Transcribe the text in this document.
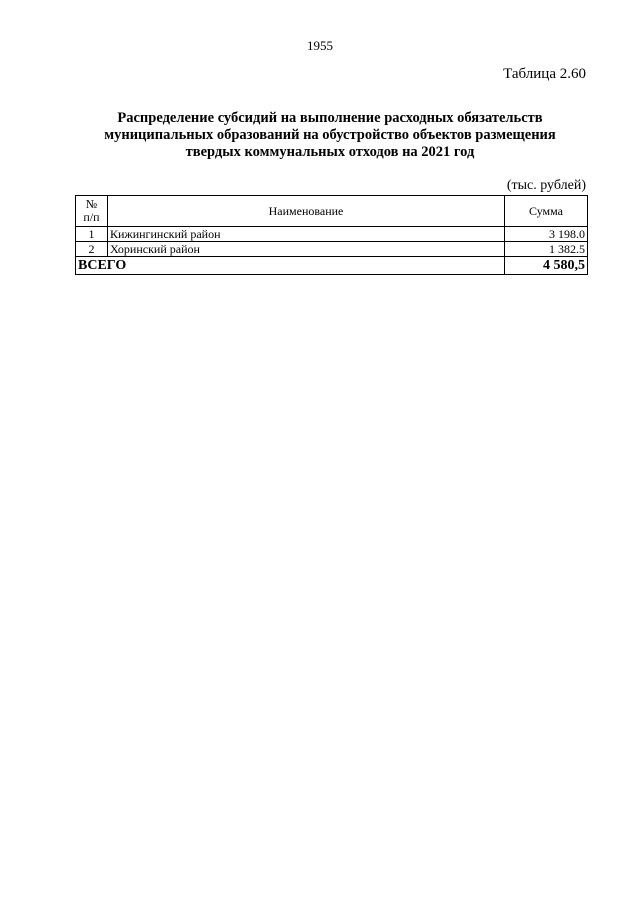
1955
Таблица 2.60
Распределение субсидий на выполнение расходных обязательств
муниципальных образований на обустройство объектов размещения
твердых коммунальных отходов на 2021 год
(тыс. рублей)
№
п/п	Наименование	Сумма
1	Кижингинский район	3 198.0
2	Хоринский район	1 382.5
ВСЕГО		4 580,5
